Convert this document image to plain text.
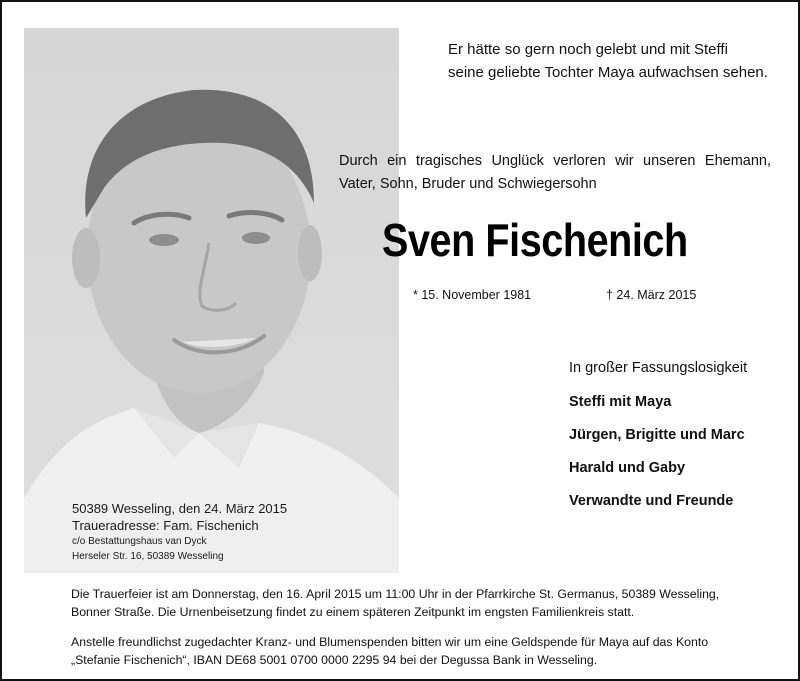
50389 Wesseling, den 24. März 2015
Traueradresse: Fam. Fischenich
c/o Bestattungshaus van Dyck
Herseler Str. 16, 50389 Wesseling
Er hätte so gern noch gelebt und mit Steffi
seine geliebte Tochter Maya aufwachsen sehen.
Durch ein tragisches Unglück verloren wir unseren Ehemann,
Vater, Sohn, Bruder und Schwiegersohn
Sven Fischenich
* 15. November 1981	† 24. März 2015
In großer Fassungslosigkeit
Steffi mit Maya
Jürgen, Brigitte und Marc
Harald und Gaby
Verwandte und Freunde
Die Trauerfeier ist am Donnerstag, den 16. April 2015 um 11:00 Uhr in der Pfarrkirche St. Germanus, 50389 Wesseling,
Bonner Straße. Die Urnenbeisetzung findet zu einem späteren Zeitpunkt im engsten Familienkreis statt.
Anstelle freundlichst zugedachter Kranz- und Blumenspenden bitten wir um eine Geldspende für Maya auf das Konto
„Stefanie Fischenich“, IBAN DE68 5001 0700 0000 2295 94 bei der Degussa Bank in Wesseling.
